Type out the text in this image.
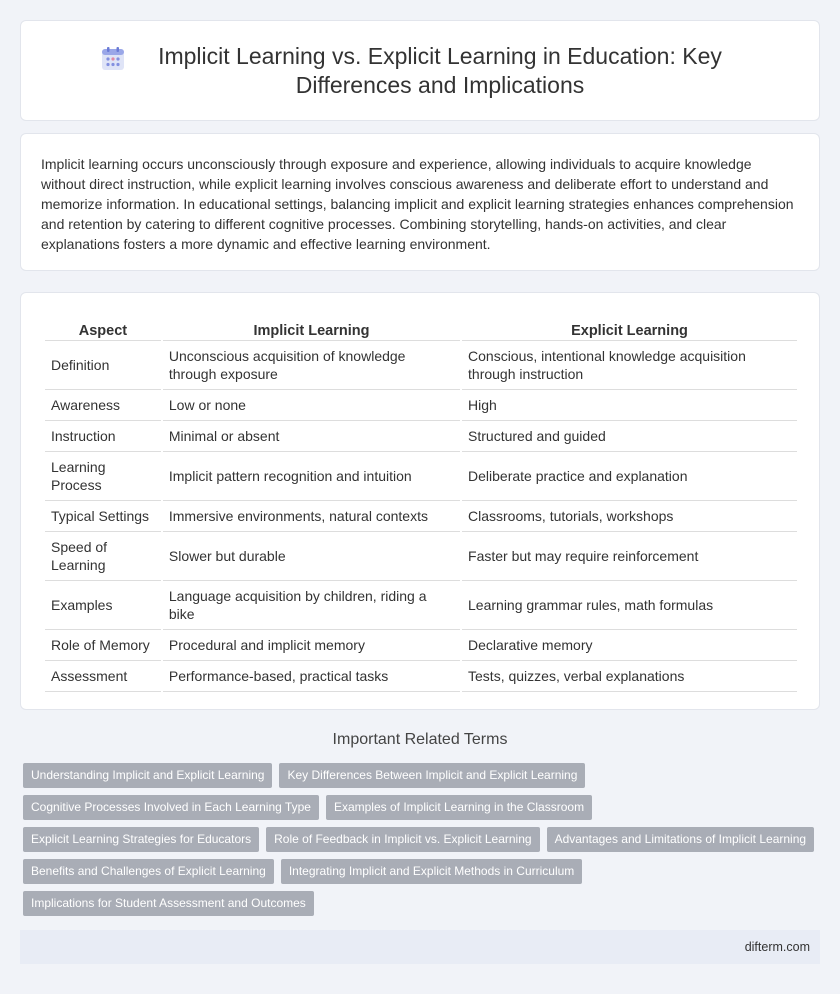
Implicit Learning vs. Explicit Learning in Education: Key Differences and Implications

Implicit learning occurs unconsciously through exposure and experience, allowing individuals to acquire knowledge without direct instruction, while explicit learning involves conscious awareness and deliberate effort to understand and memorize information. In educational settings, balancing implicit and explicit learning strategies enhances comprehension and retention by catering to different cognitive processes. Combining storytelling, hands-on activities, and clear explanations fosters a more dynamic and effective learning environment.

Aspect	Implicit Learning	Explicit Learning
Definition	Unconscious acquisition of knowledge through exposure	Conscious, intentional knowledge acquisition through instruction
Awareness	Low or none	High
Instruction	Minimal or absent	Structured and guided
Learning Process	Implicit pattern recognition and intuition	Deliberate practice and explanation
Typical Settings	Immersive environments, natural contexts	Classrooms, tutorials, workshops
Speed of Learning	Slower but durable	Faster but may require reinforcement
Examples	Language acquisition by children, riding a bike	Learning grammar rules, math formulas
Role of Memory	Procedural and implicit memory	Declarative memory
Assessment	Performance-based, practical tasks	Tests, quizzes, verbal explanations
Important Related Terms
Understanding Implicit and Explicit Learning	Key Differences Between Implicit and Explicit Learning
Cognitive Processes Involved in Each Learning Type	Examples of Implicit Learning in the Classroom
Explicit Learning Strategies for Educators	Role of Feedback in Implicit vs. Explicit Learning	Advantages and Limitations of Implicit Learning
Benefits and Challenges of Explicit Learning	Integrating Implicit and Explicit Methods in Curriculum
Implications for Student Assessment and Outcomes
difterm.com
